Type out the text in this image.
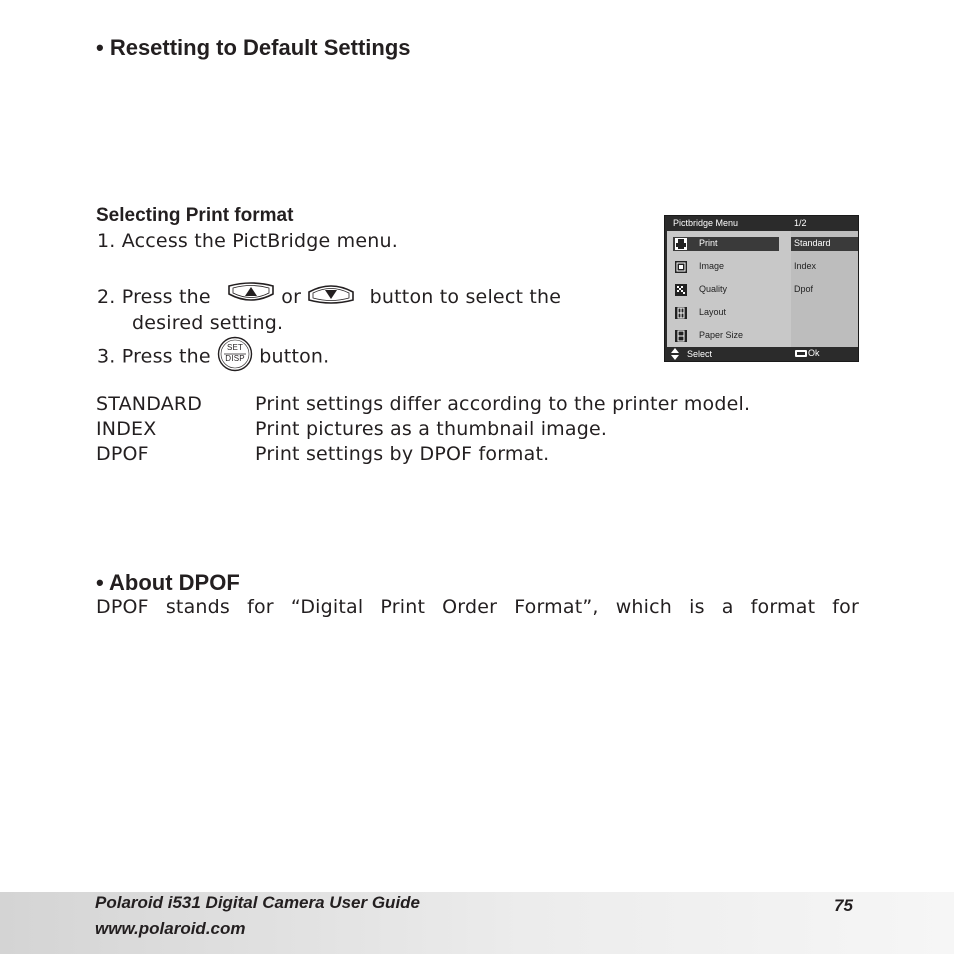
• Resetting to Default Settings
Selecting Print format
1. Access the PictBridge menu.
2. Press the	or	button to select the
desired setting.
3. Press the	SET
DISP button.
STANDARD	Print settings differ according to the printer model.
INDEX	Print pictures as a thumbnail image.
DPOF	Print settings by DPOF format.
Pictbridge Menu	1/2
Print
Image
Quality
Layout
Paper Size
Standard
Index
Dpof
Select	Ok
• About DPOF
DPOF stands for “Digital Print Order Format”, which is a format for
Polaroid i531 Digital Camera User Guide
www.polaroid.com
75
